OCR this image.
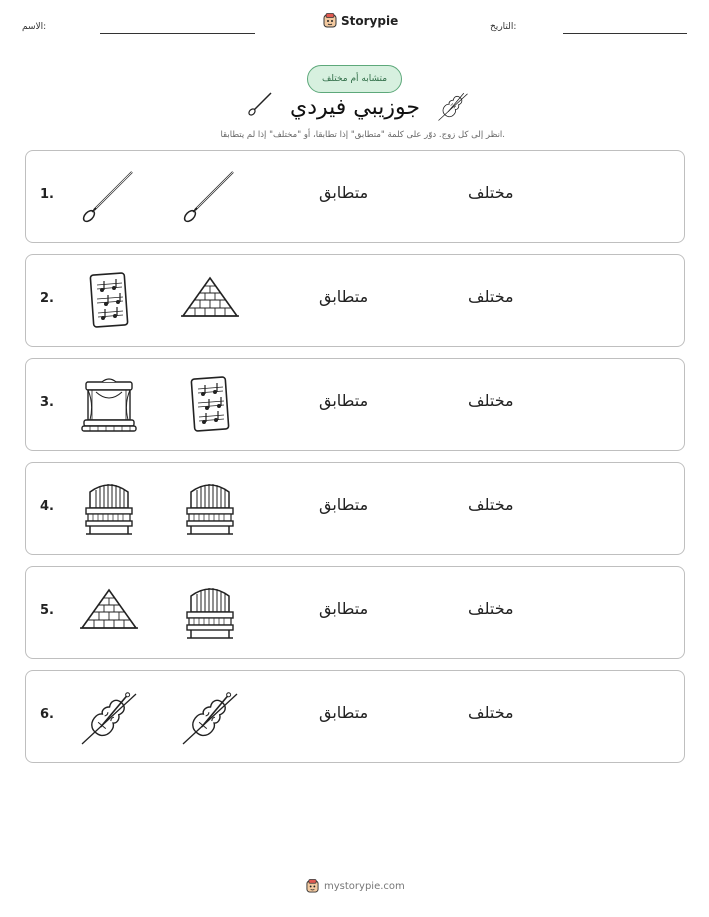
الاسم:	Storypie	التاريخ:
متشابه أم مختلف
جوزيبي فيردي
انظر إلى كل زوج. دوّر على كلمة "متطابق" إذا تطابقا، أو "مختلف" إذا لم يتطابقا.
1.	متطابق	مختلف
2.	متطابق	مختلف
3.	متطابق	مختلف
4.	متطابق	مختلف
5.	متطابق	مختلف
6.	متطابق	مختلف
mystorypie.com
